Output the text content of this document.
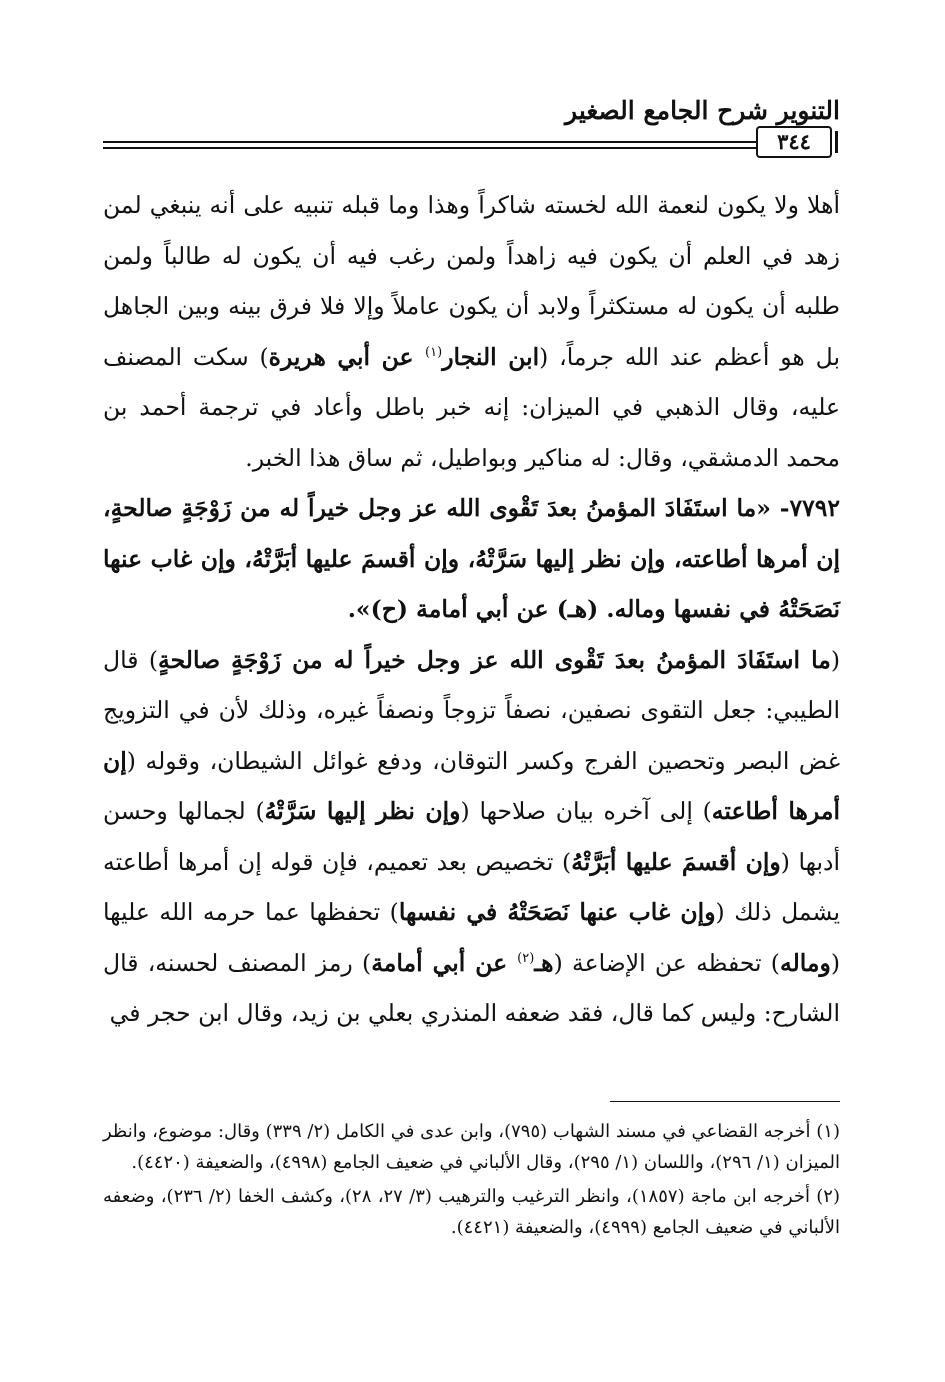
التنوير شرح الجامع الصغير
٣٤٤

أهلا ولا يكون لنعمة الله لخسته شاكراً وهذا وما قبله تنبيه على أنه ينبغي لمن زهد في العلم أن يكون فيه زاهداً ولمن رغب فيه أن يكون له طالباً ولمن طلبه أن يكون له مستكثراً ولابد أن يكون عاملاً وإلا فلا فرق بينه وبين الجاهل بل هو أعظم عند الله جرماً، (ابن النجار$^{(١)}$ عن أبي هريرة) سكت المصنف عليه، وقال الذهبي في الميزان: إنه خبر باطل وأعاد في ترجمة أحمد بن محمد الدمشقي، وقال: له مناكير وبواطيل، ثم ساق هذا الخبر.

٧٧٩٢- «ما استَفَادَ المؤمنُ بعدَ تَقْوى الله عز وجل خيراً له من زَوْجَةٍ صالحةٍ، إن أمرها أطاعته، وإن نظر إليها سَرَّتْهُ، وإن أقسمَ عليها أبَرَّتْهُ، وإن غاب عنها نَصَحَتْهُ في نفسها وماله. (هـ) عن أبي أمامة (ح)».

(ما استَفَادَ المؤمنُ بعدَ تَقْوى الله عز وجل خيراً له من زَوْجَةٍ صالحةٍ) قال الطيبي: جعل التقوى نصفين، نصفاً تزوجاً ونصفاً غيره، وذلك لأن في التزويج غض البصر وتحصين الفرج وكسر التوقان، ودفع غوائل الشيطان، وقوله (إن أمرها أطاعته) إلى آخره بيان صلاحها (وإن نظر إليها سَرَّتْهُ) لجمالها وحسن أدبها (وإن أقسمَ عليها أبَرَّتْهُ) تخصيص بعد تعميم، فإن قوله إن أمرها أطاعته يشمل ذلك (وإن غاب عنها نَصَحَتْهُ في نفسها) تحفظها عما حرمه الله عليها (وماله) تحفظه عن الإضاعة (هـ$^{(٢)}$ عن أبي أمامة) رمز المصنف لحسنه، قال الشارح: وليس كما قال، فقد ضعفه المنذري بعلي بن زيد، وقال ابن حجر في

(١) أخرجه القضاعي في مسند الشهاب (٧٩٥)، وابن عدى في الكامل (٢/ ٣٣٩) وقال: موضوع، وانظر الميزان (١/ ٢٩٦)، واللسان (١/ ٢٩٥)، وقال الألباني في ضعيف الجامع (٤٩٩٨)، والضعيفة (٤٤٢٠).

(٢) أخرجه ابن ماجة (١٨٥٧)، وانظر الترغيب والترهيب (٣/ ٢٧، ٢٨)، وكشف الخفا (٢/ ٢٣٦)، وضعفه الألباني في ضعيف الجامع (٤٩٩٩)، والضعيفة (٤٤٢١).
